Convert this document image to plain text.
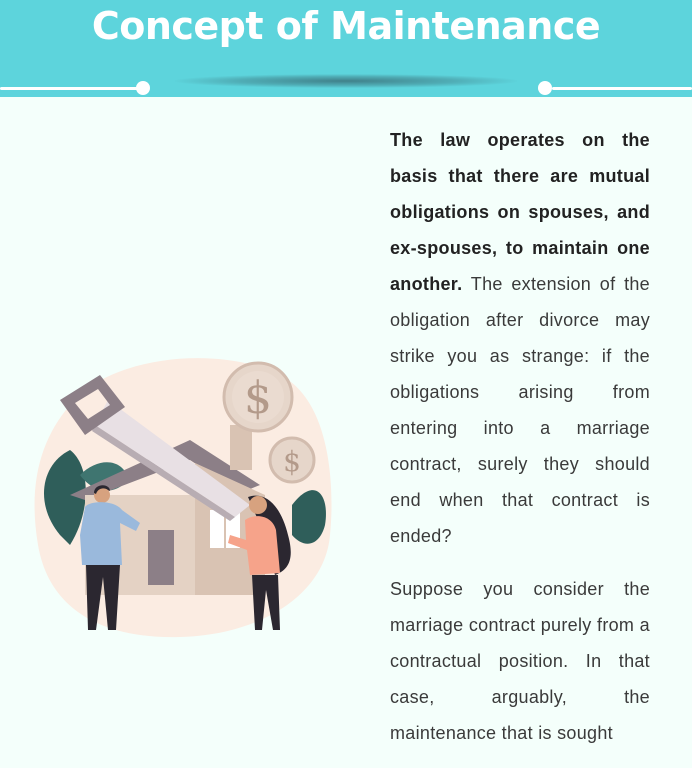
Concept of Maintenance
$
$

The law operates on the basis that there are mutual obligations on spouses, and ex-spouses, to maintain one another. The extension of the obligation after divorce may strike you as strange: if the obligations arising from entering into a marriage contract, surely they should end when that contract is ended?

Suppose you consider the marriage contract purely from a contractual position. In that case, arguably, the maintenance that is sought
